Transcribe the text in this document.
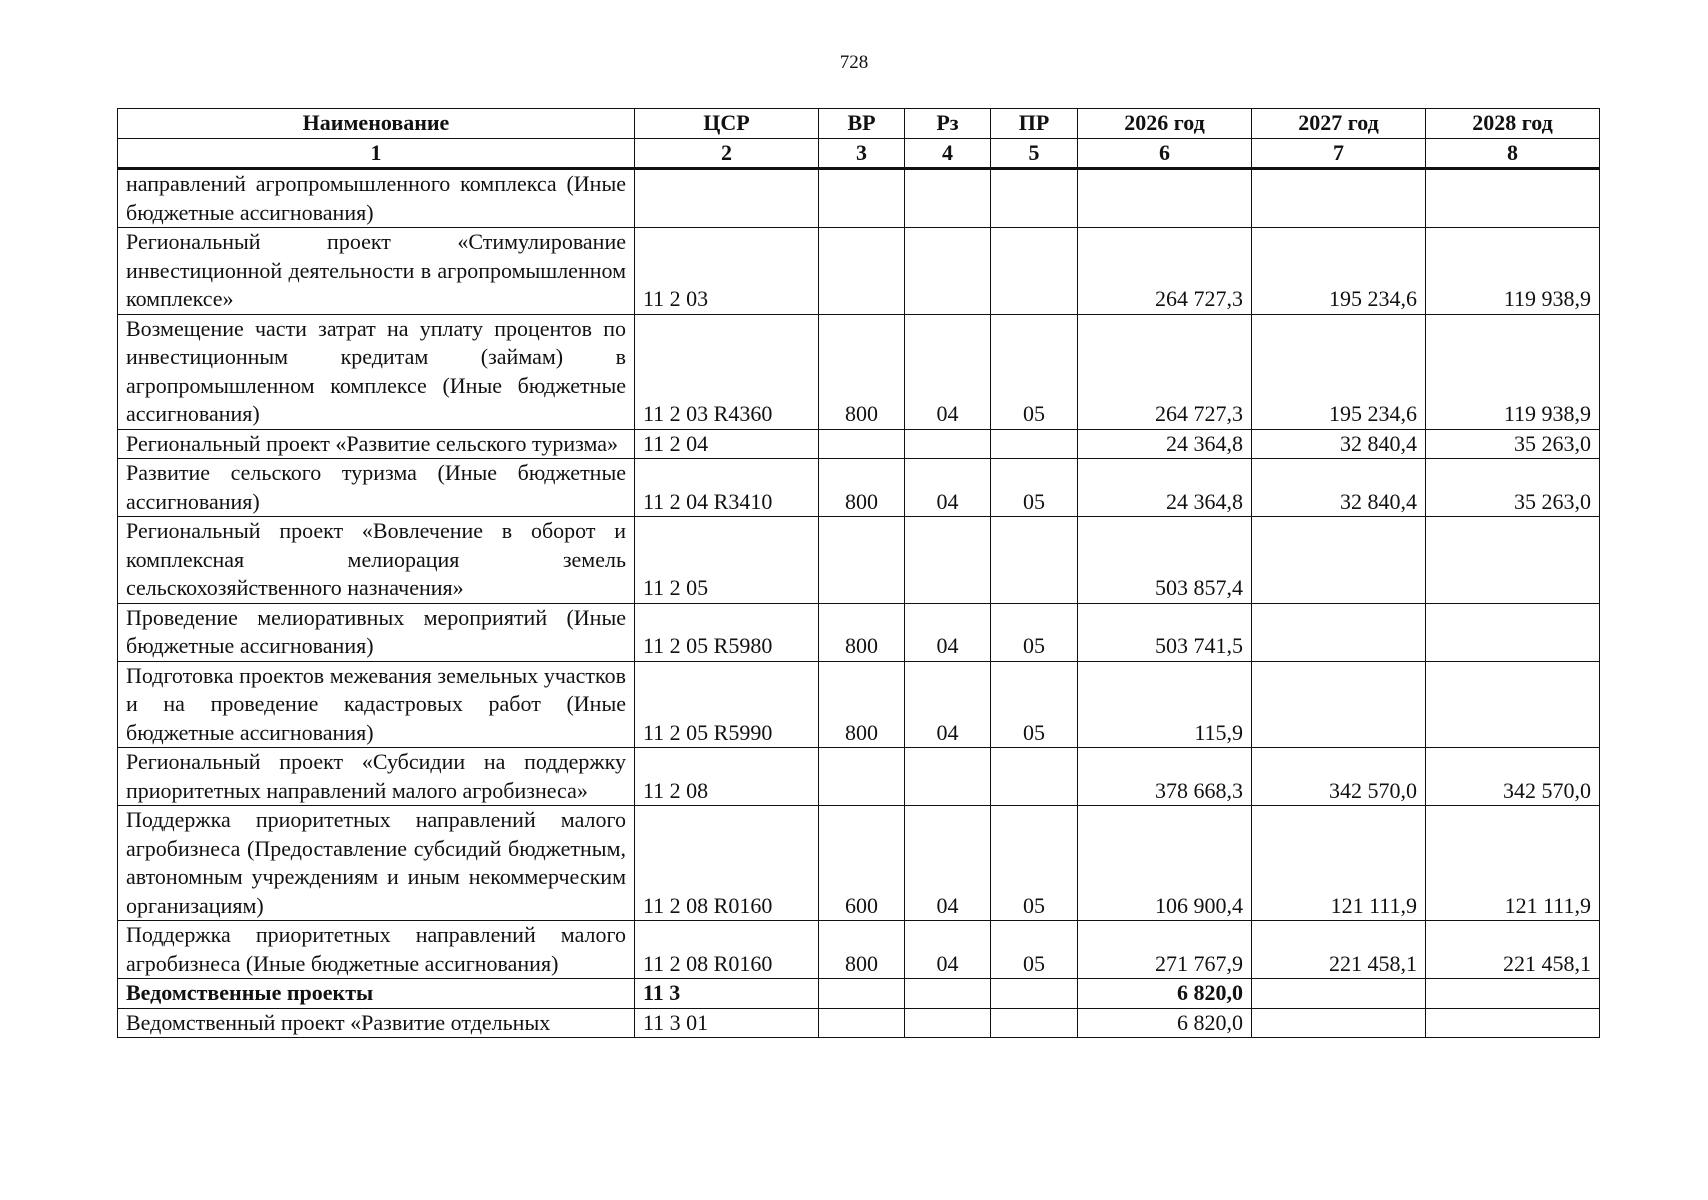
728
Наименование	ЦСР	ВР	Рз	ПР	2026 год	2027 год	2028 год
1	2	3	4	5	6	7	8
направлений агропромышленного комплекса (Иные бюджетные ассигнования)							
Региональный проект «Стимулирование инвестиционной деятельности в агропромышленном комплексе»	11 2 03				264 727,3	195 234,6	119 938,9
Возмещение части затрат на уплату процентов по инвестиционным кредитам (займам) в агропромышленном комплексе (Иные бюджетные ассигнования)	11 2 03 R4360	800	04	05	264 727,3	195 234,6	119 938,9
Региональный проект «Развитие сельского туризма»	11 2 04				24 364,8	32 840,4	35 263,0
Развитие сельского туризма (Иные бюджетные ассигнования)	11 2 04 R3410	800	04	05	24 364,8	32 840,4	35 263,0
Региональный проект «Вовлечение в оборот и комплексная мелиорация земель сельскохозяйственного назначения»	11 2 05				503 857,4		
Проведение мелиоративных мероприятий (Иные бюджетные ассигнования)	11 2 05 R5980	800	04	05	503 741,5		
Подготовка проектов межевания земельных участков и на проведение кадастровых работ (Иные бюджетные ассигнования)	11 2 05 R5990	800	04	05	115,9		
Региональный проект «Субсидии на поддержку приоритетных направлений малого агробизнеса»	11 2 08				378 668,3	342 570,0	342 570,0
Поддержка приоритетных направлений малого агробизнеса (Предоставление субсидий бюджетным, автономным учреждениям и иным некоммерческим организациям)	11 2 08 R0160	600	04	05	106 900,4	121 111,9	121 111,9
Поддержка приоритетных направлений малого агробизнеса (Иные бюджетные ассигнования)	11 2 08 R0160	800	04	05	271 767,9	221 458,1	221 458,1
Ведомственные проекты	11 3				6 820,0		
Ведомственный проект «Развитие отдельных	11 3 01				6 820,0		
